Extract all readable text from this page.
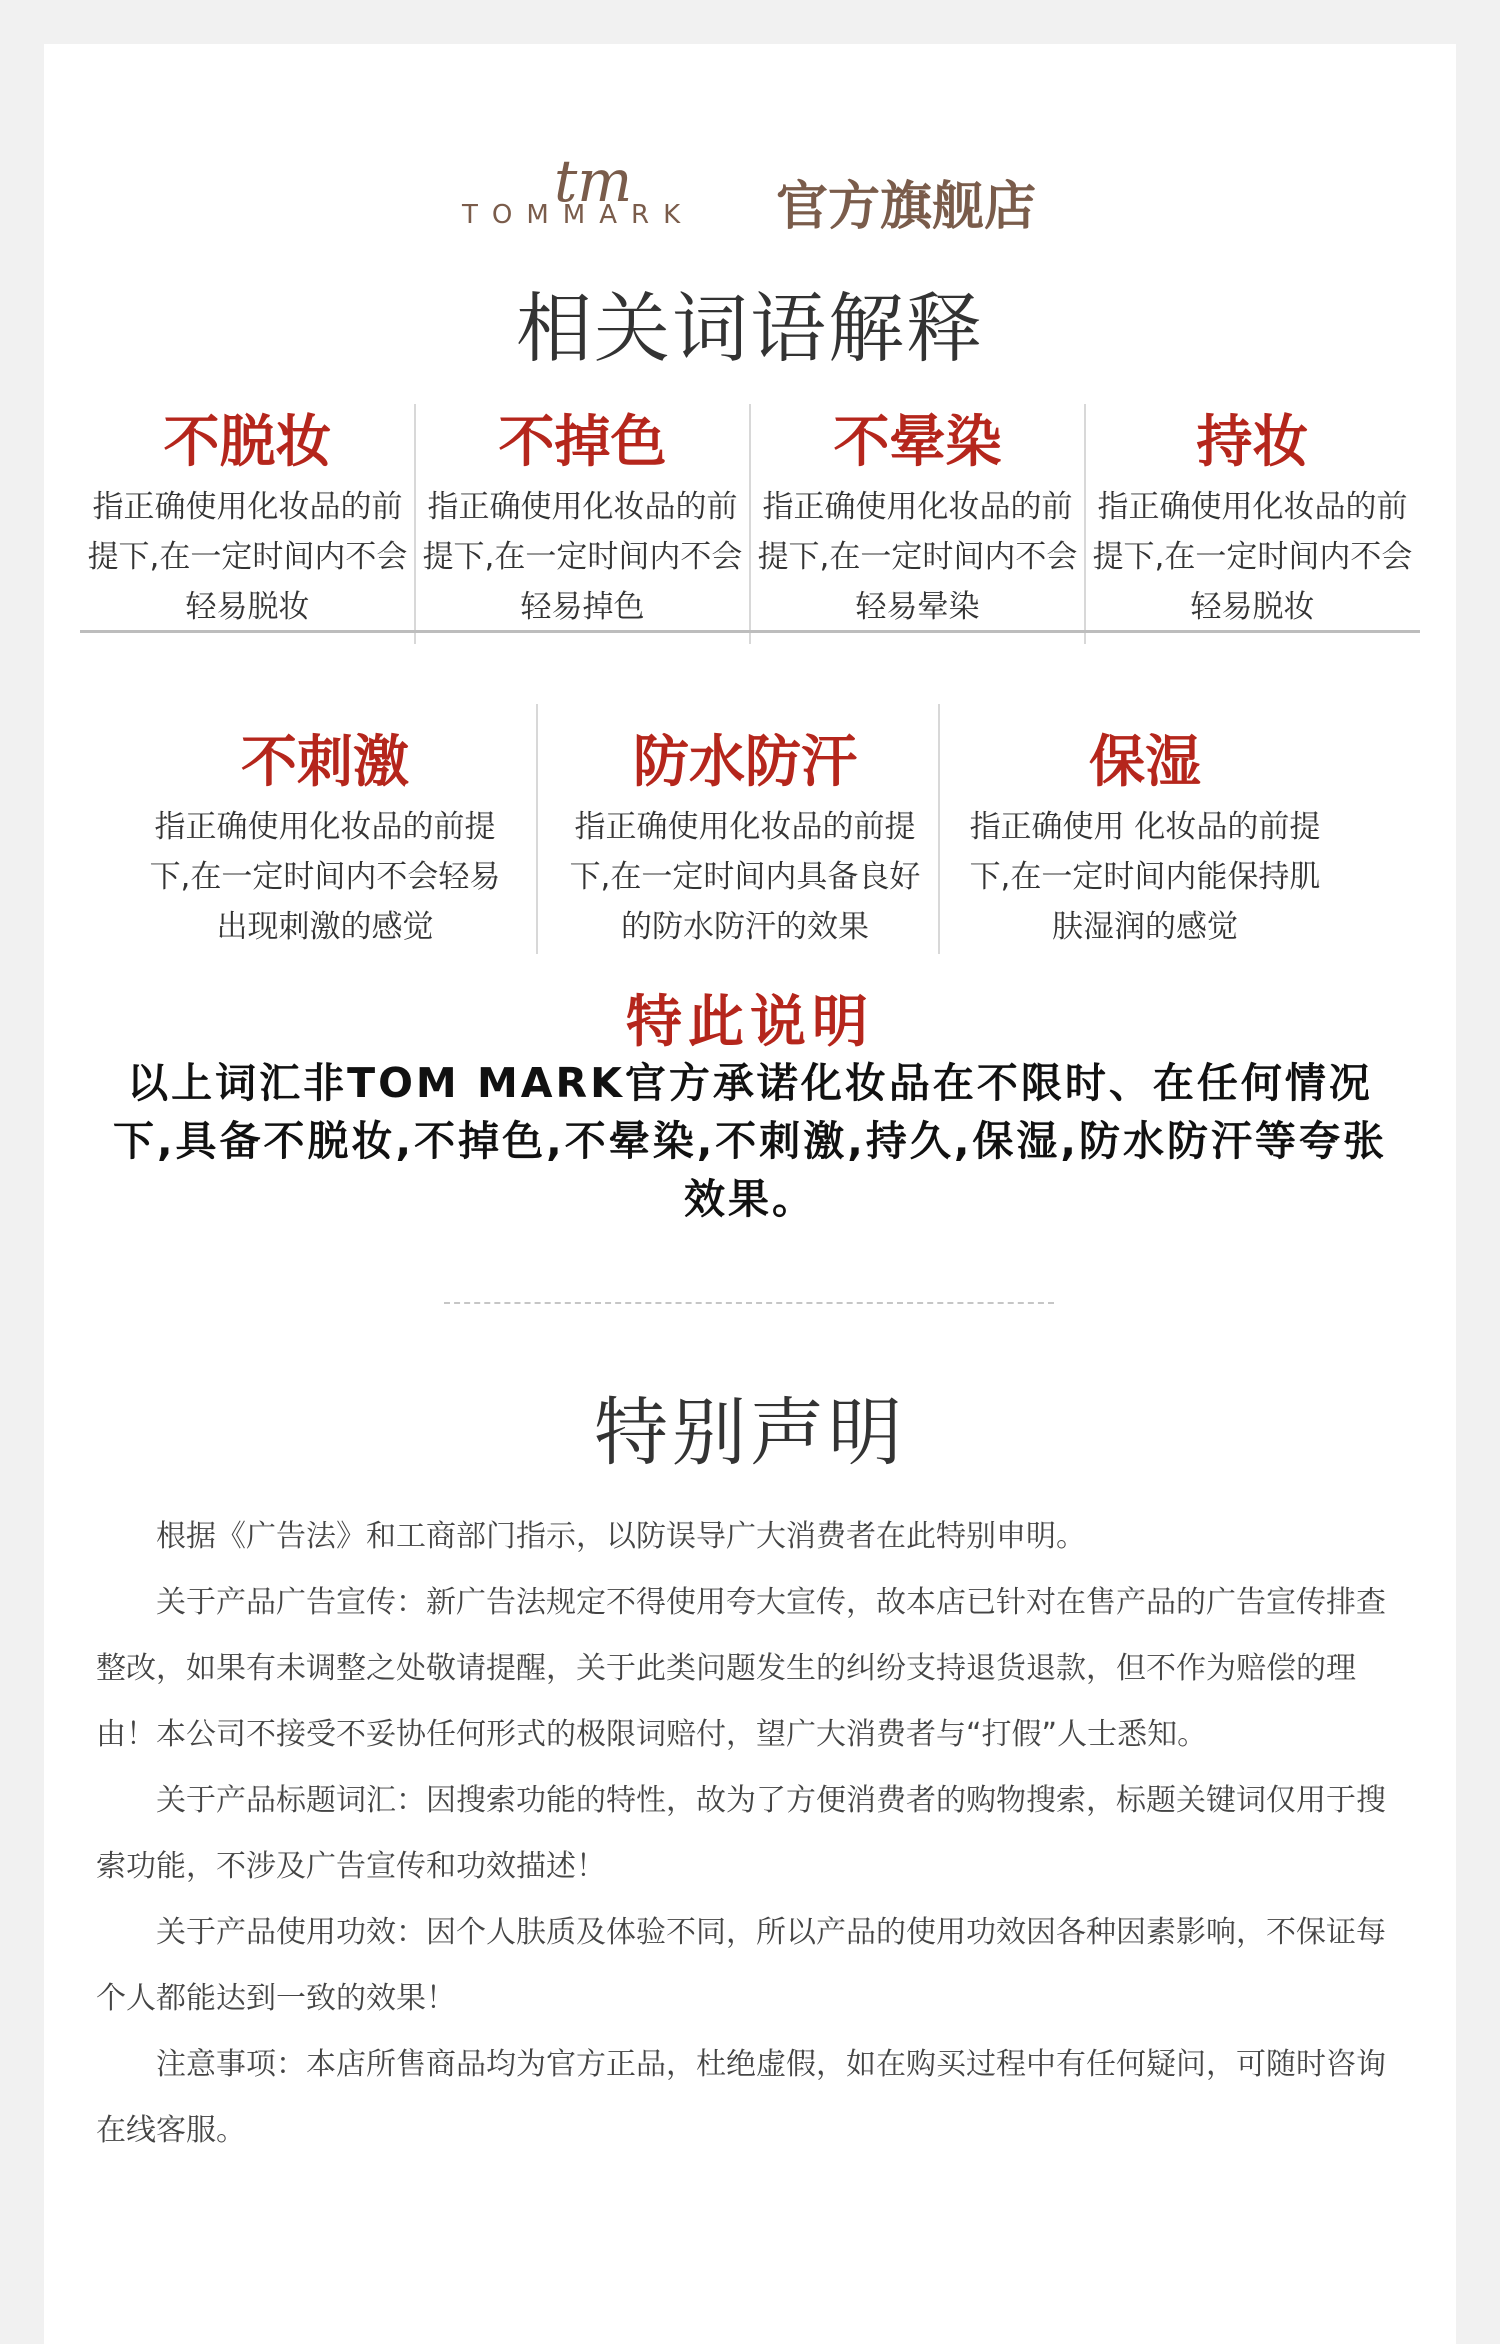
tm
TOMMARK 官方旗舰店
相关词语解释
不脱妆
指正确使用化妆品的前提下,在一定时间内不会轻易脱妆
不掉色
指正确使用化妆品的前提下,在一定时间内不会轻易掉色
不晕染
指正确使用化妆品的前提下,在一定时间内不会轻易晕染
持妆
指正确使用化妆品的前提下,在一定时间内不会轻易脱妆
不刺激
指正确使用化妆品的前提下,在一定时间内不会轻易出现刺激的感觉
防水防汗
指正确使用化妆品的前提下,在一定时间内具备良好的防水防汗的效果
保湿
指正确使用 化妆品的前提下,在一定时间内能保持肌肤湿润的感觉
特此说明
以上词汇非TOM MARK官方承诺化妆品在不限时、在任何情况下,具备不脱妆,不掉色,不晕染,不刺激,持久,保湿,防水防汗等夸张效果。
特别声明

根据《广告法》和工商部门指示，以防误导广大消费者在此特别申明。

关于产品广告宣传：新广告法规定不得使用夸大宣传，故本店已针对在售产品的广告宣传排查整改，如果有未调整之处敬请提醒，关于此类问题发生的纠纷支持退货退款，但不作为赔偿的理由！本公司不接受不妥协任何形式的极限词赔付，望广大消费者与“打假”人士悉知。

关于产品标题词汇：因搜索功能的特性，故为了方便消费者的购物搜索，标题关键词仅用于搜索功能，不涉及广告宣传和功效描述！

关于产品使用功效：因个人肤质及体验不同，所以产品的使用功效因各种因素影响，不保证每个人都能达到一致的效果！

注意事项：本店所售商品均为官方正品，杜绝虚假，如在购买过程中有任何疑问，可随时咨询在线客服。
